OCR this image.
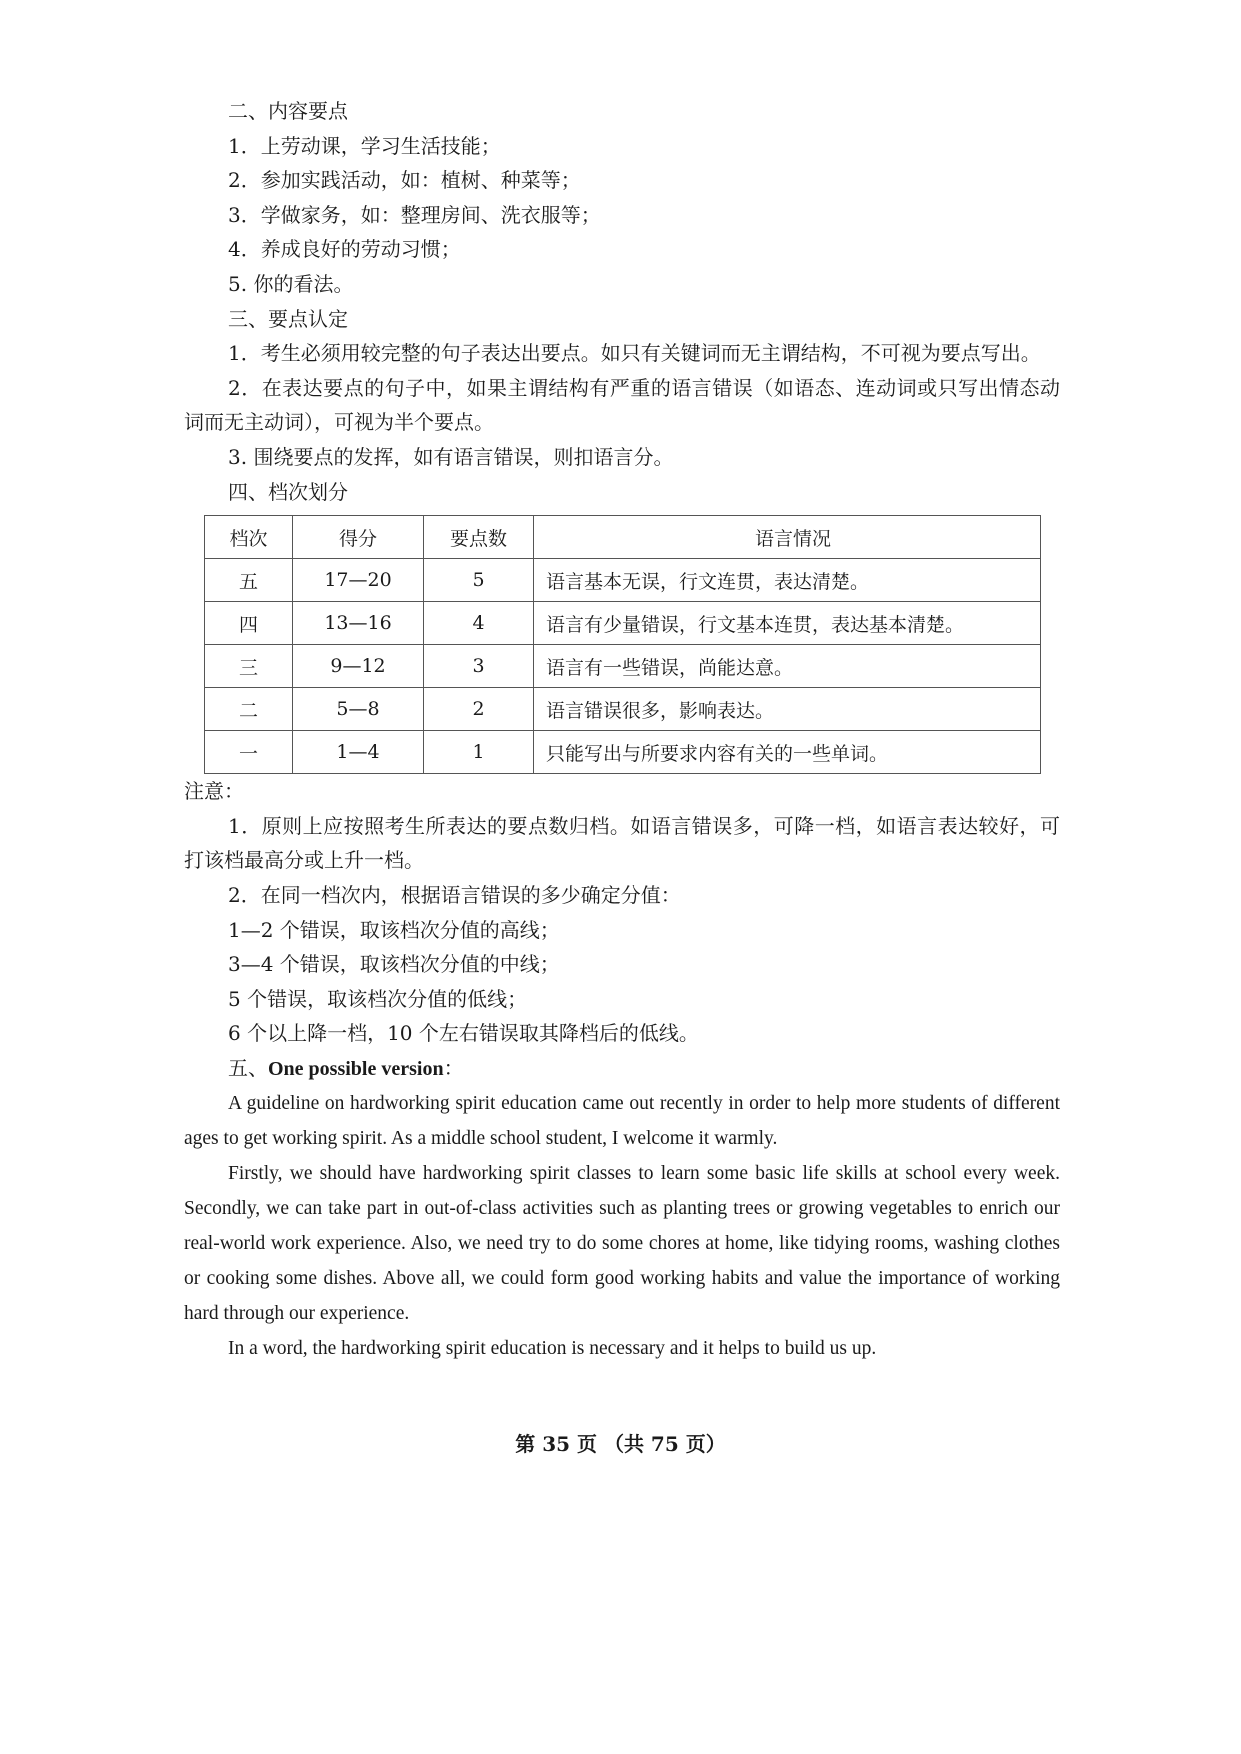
二、内容要点
1．上劳动课，学习生活技能；
2．参加实践活动，如：植树、种菜等；
3．学做家务，如：整理房间、洗衣服等；
4．养成良好的劳动习惯；
5. 你的看法。
三、要点认定
1．考生必须用较完整的句子表达出要点。如只有关键词而无主谓结构，不可视为要点写出。
2．在表达要点的句子中，如果主谓结构有严重的语言错误（如语态、连动词或只写出情态动词而无主动词），可视为半个要点。
3. 围绕要点的发挥，如有语言错误，则扣语言分。
四、档次划分
档次	得分	要点数	语言情况
五	17—20	5	语言基本无误，行文连贯，表达清楚。
四	13—16	4	语言有少量错误，行文基本连贯，表达基本清楚。
三	9—12	3	语言有一些错误，尚能达意。
二	5—8	2	语言错误很多，影响表达。
一	1—4	1	只能写出与所要求内容有关的一些单词。
注意：
1．原则上应按照考生所表达的要点数归档。如语言错误多，可降一档，如语言表达较好，可打该档最高分或上升一档。
2．在同一档次内，根据语言错误的多少确定分值：
1—2 个错误，取该档次分值的高线；
3—4 个错误，取该档次分值的中线；
5 个错误，取该档次分值的低线；
6 个以上降一档，10 个左右错误取其降档后的低线。
五、One possible version：
A guideline on hardworking spirit education came out recently in order to help more students of different ages to get working spirit. As a middle school student, I welcome it warmly.
Firstly, we should have hardworking spirit classes to learn some basic life skills at school every week. Secondly, we can take part in out-of-class activities such as planting trees or growing vegetables to enrich our real-world work experience. Also, we need try to do some chores at home, like tidying rooms, washing clothes or cooking some dishes. Above all, we could form good working habits and value the importance of working hard through our experience.
In a word, the hardworking spirit education is necessary and it helps to build us up.
第 35 页 （共 75 页）
